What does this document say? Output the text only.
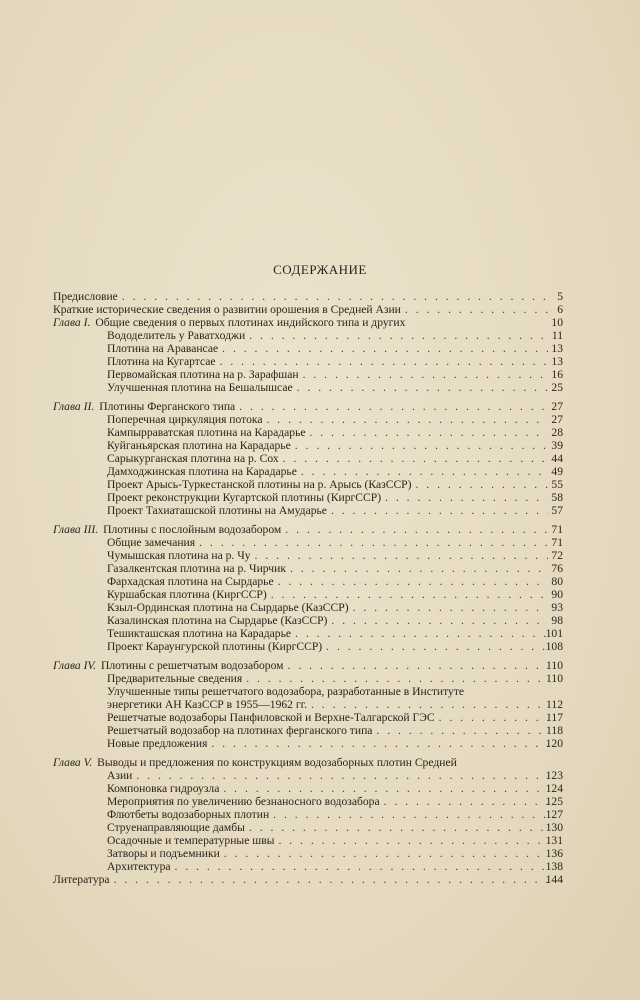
СОДЕРЖАНИЕ
Предисловие . . .	5
Краткие исторические сведения о развитии орошения в Средней Азии . . .	6
Глава I. Общие сведения о первых плотинах индийского типа и других	10
Вододелитель у Раватходжи . . .	11
Плотина на Аравансае . . .	13
Плотина на Кугартсае . . .	13
Первомайская плотина на р. Зарафшан . . .	16
Улучшенная плотина на Бешалышсае . . .	25
Глава II. Плотины Ферганского типа . . .	27
Поперечная циркуляция потока . . .	27
Кампырраватская плотина на Карадарье . . .	28
Куйганьярская плотина на Карадарье . . .	39
Сарыкурганская плотина на р. Сох . . .	44
Дамходжинская плотина на Карадарье . . .	49
Проект Арысь-Туркестанской плотины на р. Арысь (КазССР) . . .	55
Проект реконструкции Кугартской плотины (КиргССР) . . .	58
Проект Тахиаташской плотины на Амударье . . .	57
Глава III. Плотины с послойным водозабором . . .	71
Общие замечания . . .	71
Чумышская плотина на р. Чу . . .	72
Газалкентская плотина на р. Чирчик . . .	76
Фархадская плотина на Сырдарье . . .	80
Куршабская плотина (КиргССР) . . .	90
Кзыл-Ординская плотина на Сырдарье (КазССР) . . .	93
Казалинская плотина на Сырдарье (КазССР) . . .	98
Тешикташская плотина на Карадарье . . .	101
Проект Караунгурской плотины (КиргССР) . . .	108
Глава IV. Плотины с решетчатым водозабором . . .	110
Предварительные сведения . . .	110
Улучшенные типы решетчатого водозабора, разработанные в Институте
энергетики АН КазССР в 1955—1962 гг. . . .	112
Решетчатые водозаборы Панфиловской и Верхне-Талгарской ГЭС . . .	117
Решетчатый водозабор на плотинах ферганского типа . . .	118
Новые предложения . . .	120
Глава V. Выводы и предложения по конструкциям водозаборных плотин Средней
Азии . . .	123
Компоновка гидроузла . . .	124
Мероприятия по увеличению безнаносного водозабора . . .	125
Флютбеты водозаборных плотин . . .	127
Струенаправляющие дамбы . . .	130
Осадочные и температурные швы . . .	131
Затворы и подъемники . . .	136
Архитектура . . .	138
Литература . . .	144
